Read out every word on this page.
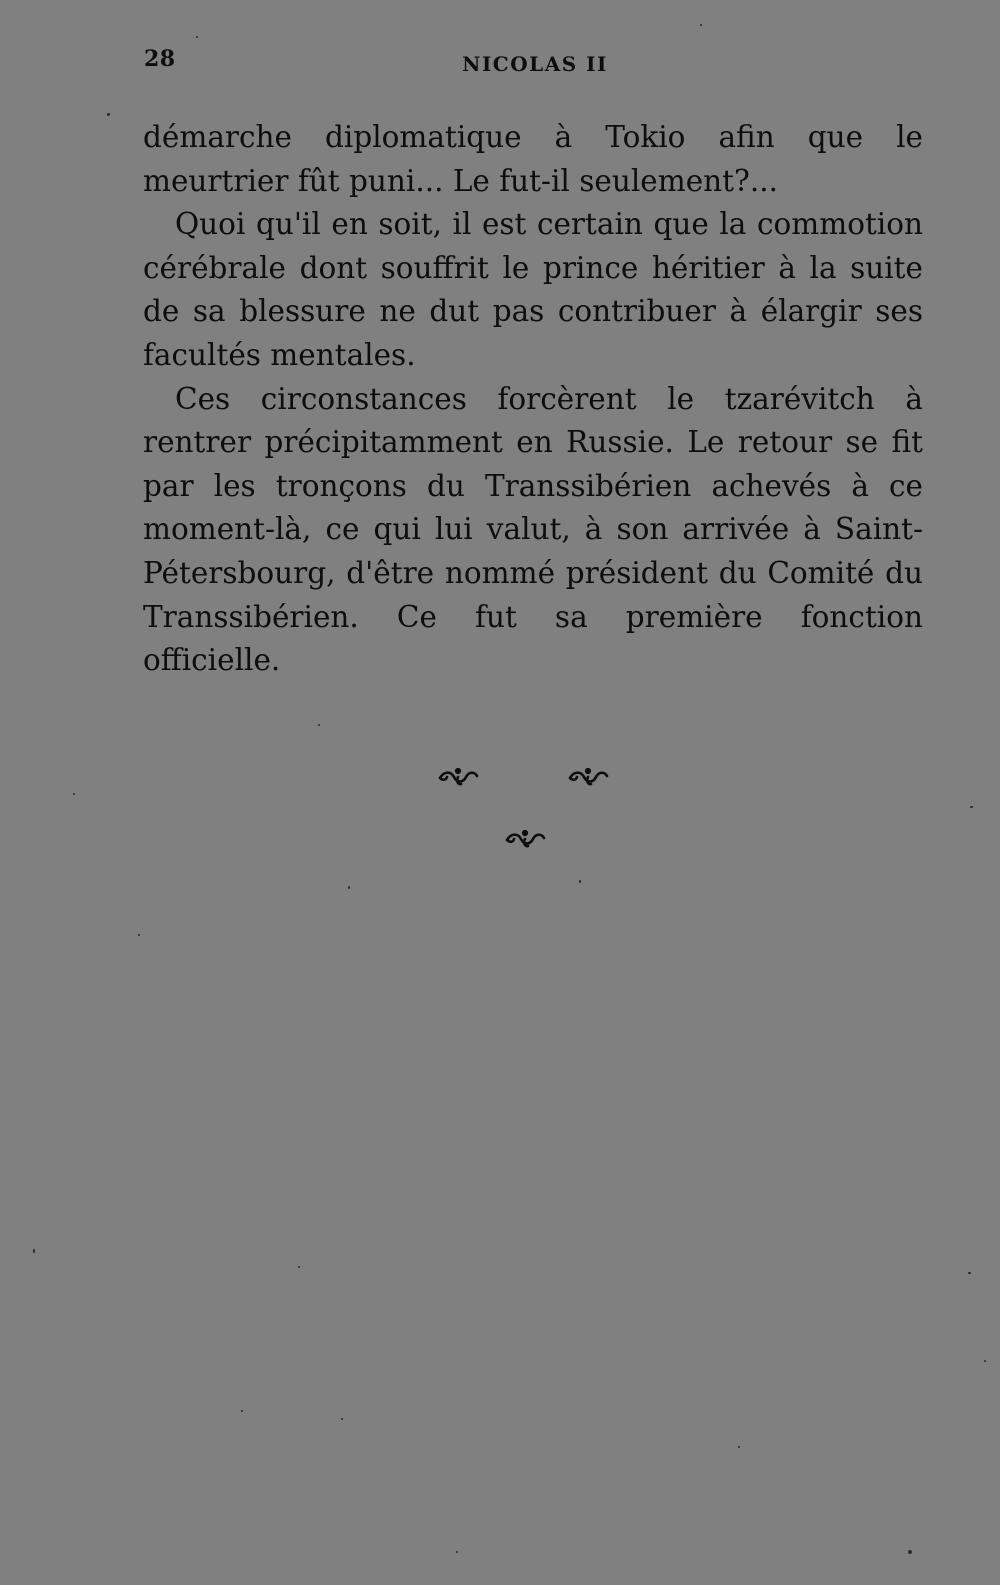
28	NICOLAS II

démarche diplomatique à Tokio afin que le meurtrier fût puni... Le fut-il seulement?...

Quoi qu'il en soit, il est certain que la commotion cérébrale dont souffrit le prince héritier à la suite de sa blessure ne dut pas contribuer à élargir ses facultés mentales.

Ces circonstances forcèrent le tzarévitch à rentrer précipitamment en Russie. Le retour se fit par les tronçons du Transsibérien achevés à ce moment-là, ce qui lui valut, à son arrivée à Saint-Pétersbourg, d'être nommé président du Comité du Transsibérien. Ce fut sa première fonction officielle.
